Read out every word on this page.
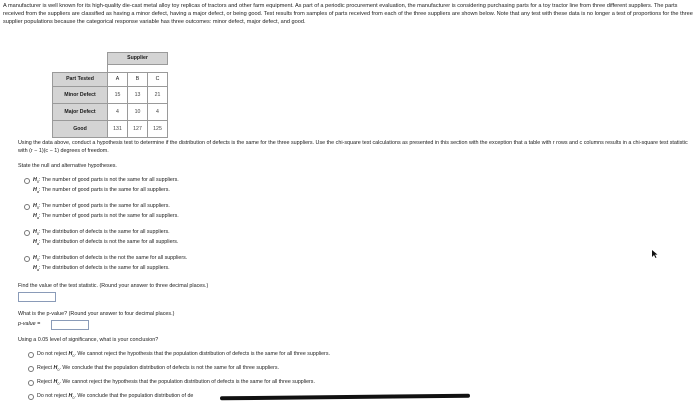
A manufacturer is well known for its high-quality die-cast metal alloy toy replicas of tractors and other farm equipment. As part of a periodic procurement evaluation, the manufacturer is considering purchasing parts for a toy tractor line from three different suppliers. The parts received from the suppliers are classified as having a minor defect, having a major defect, or being good. Test results from samples of parts received from each of the three suppliers are shown below. Note that any test with these data is no longer a test of proportions for the three supplier populations because the categorical response variable has three outcomes: minor defect, major defect, and good.
	Supplier		

Part Tested	A	B	C
Minor Defect	15	13	21
Major Defect	4	10	4
Good	131	127	125
Using the data above, conduct a hypothesis test to determine if the distribution of defects is the same for the three suppliers. Use the chi-square test calculations as presented in this section with the exception that a table with r rows and c columns results in a chi-square test statistic with (r − 1)(c − 1) degrees of freedom.
State the null and alternative hypotheses.
$H_0$: The number of good parts is not the same for all suppliers.
$H_a$: The number of good parts is the same for all suppliers.
$H_0$: The number of good parts is the same for all suppliers.
$H_a$: The number of good parts is not the same for all suppliers.
$H_0$: The distribution of defects is the same for all suppliers.
$H_a$: The distribution of defects is not the same for all suppliers.
$H_0$: The distribution of defects is the not the same for all suppliers.
$H_a$: The distribution of defects is the same for all suppliers.
Find the value of the test statistic. (Round your answer to three decimal places.)
What is the p-value? (Round your answer to four decimal places.)
p-value =
Using a 0.05 level of significance, what is your conclusion?
Do not reject $H_0$. We cannot reject the hypothesis that the population distribution of defects is the same for all three suppliers.
Reject $H_0$. We conclude that the population distribution of defects is not the same for all three suppliers.
Reject $H_0$. We cannot reject the hypothesis that the population distribution of defects is the same for all three suppliers.
Do not reject $H_0$. We conclude that the population distribution of de
